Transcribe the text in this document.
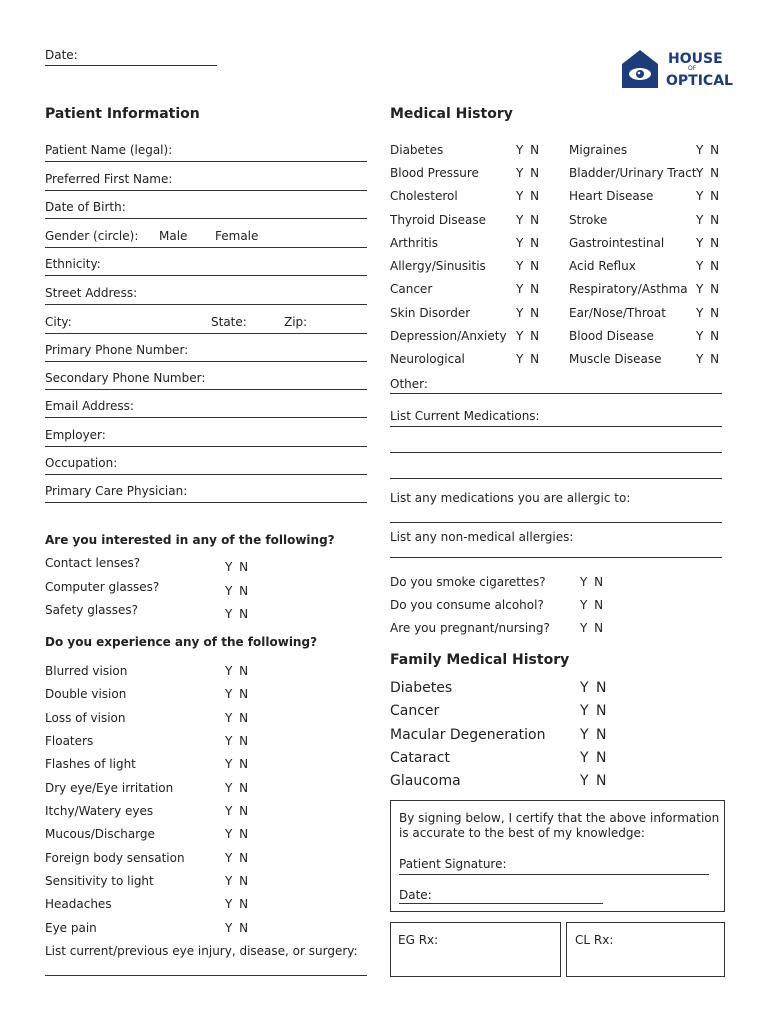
Date:	HOUSE
OF
OPTICAL
Patient Information
Patient Name (legal):
Preferred First Name:
Date of Birth:
Gender (circle): Male Female
Ethnicity:
Street Address:
City:	State:	Zip:
Primary Phone Number:
Secondary Phone Number:
Email Address:
Employer:
Occupation:
Primary Care Physician:
Are you interested in any of the following?
Contact lenses?	Y N
Computer glasses?	Y N
Safety glasses?	Y N
Do you experience any of the following?
Blurred vision	Y N
Double vision	Y N
Loss of vision	Y N
Floaters	Y N
Flashes of light	Y N
Dry eye/Eye irritation	Y N
Itchy/Watery eyes	Y N
Mucous/Discharge	Y N
Foreign body sensation	Y N
Sensitivity to light	Y N
Headaches	Y N
Eye pain	Y N
List current/previous eye injury, disease, or surgery:
Medical History
Diabetes	Y N
Blood Pressure	Y N
Cholesterol	Y N
Thyroid Disease Y N
Arthritis	Y N
Allergy/Sinusitis	Y N
Cancer	Y N
Skin Disorder	Y N
Depression/Anxiety Y N
Neurological	Y N
Migraines	Y N
Bladder/Urinary Tract Y N
Heart Disease	Y N
Stroke	Y N
Gastrointestinal	Y N
Acid Reflux	Y N
Respiratory/Asthma Y N
Ear/Nose/Throat	Y N
Blood Disease	Y N
Muscle Disease	Y N
Other:
List Current Medications:
List any medications you are allergic to:
List any non-medical allergies:
Do you smoke cigarettes?	Y N
Do you consume alcohol?	Y N
Are you pregnant/nursing?	Y N
Family Medical History
Diabetes	Y N
Cancer	Y N
Macular Degeneration Y N
Cataract	Y N
Glaucoma	Y N
By signing below, I certify that the above information
is accurate to the best of my knowledge:
Patient Signature:
Date:
EG Rx:	CL Rx:
